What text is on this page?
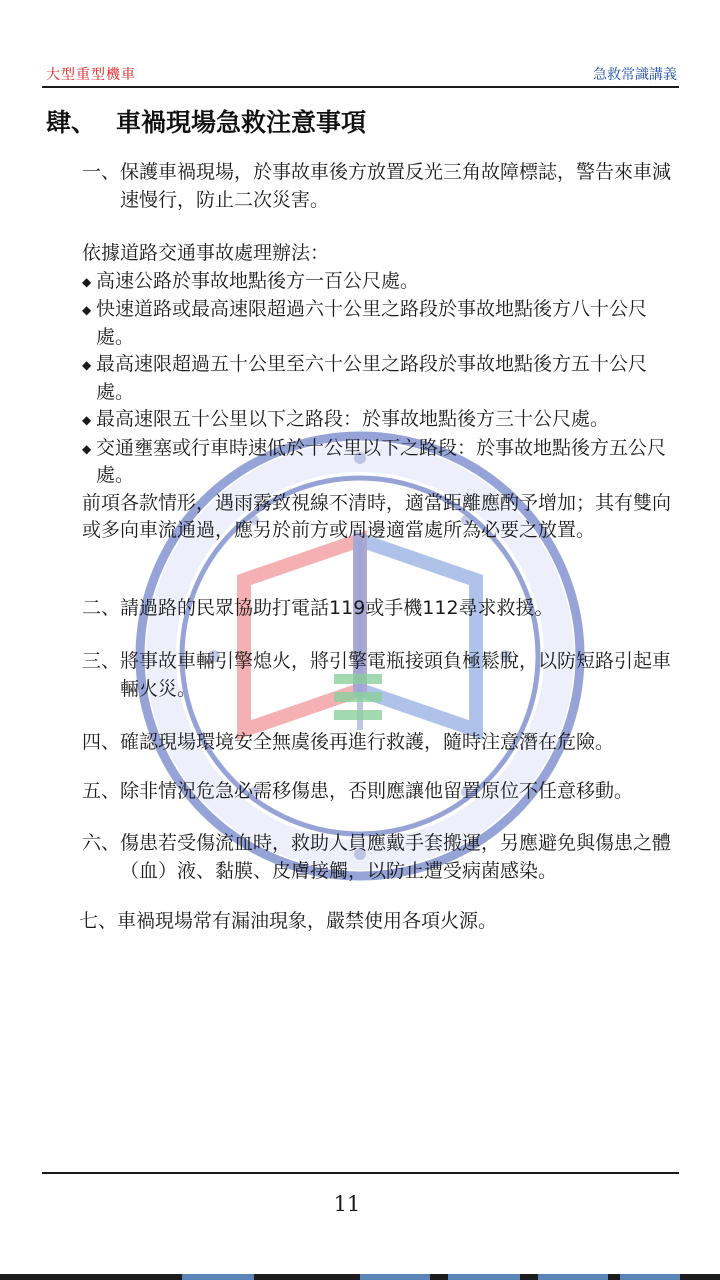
大型重型機車	急救常識講義
肆、 車禍現場急救注意事項
一、 保護車禍現場，於事故車後方放置反光三角故障標誌，警告來車減速慢行，防止二次災害。
依據道路交通事故處理辦法：
◆ 高速公路於事故地點後方一百公尺處。
◆ 快速道路或最高速限超過六十公里之路段於事故地點後方八十公尺處。
◆ 最高速限超過五十公里至六十公里之路段於事故地點後方五十公尺處。
◆ 最高速限五十公里以下之路段：於事故地點後方三十公尺處。
◆ 交通壅塞或行車時速低於十公里以下之路段：於事故地點後方五公尺處。
前項各款情形，遇雨霧致視線不清時，適當距離應酌予增加；其有雙向或多向車流通過，應另於前方或周邊適當處所為必要之放置。
二、 請過路的民眾協助打電話119或手機112尋求救援。
三、 將事故車輛引擎熄火，將引擎電瓶接頭負極鬆脫，以防短路引起車輛火災。
四、 確認現場環境安全無虞後再進行救護，隨時注意潛在危險。
五、 除非情況危急必需移傷患，否則應讓他留置原位不任意移動。
六、 傷患若受傷流血時，救助人員應戴手套搬運，另應避免與傷患之體（血）液、黏膜、皮膚接觸，以防止遭受病菌感染。
七、 車禍現場常有漏油現象，嚴禁使用各項火源。
11
